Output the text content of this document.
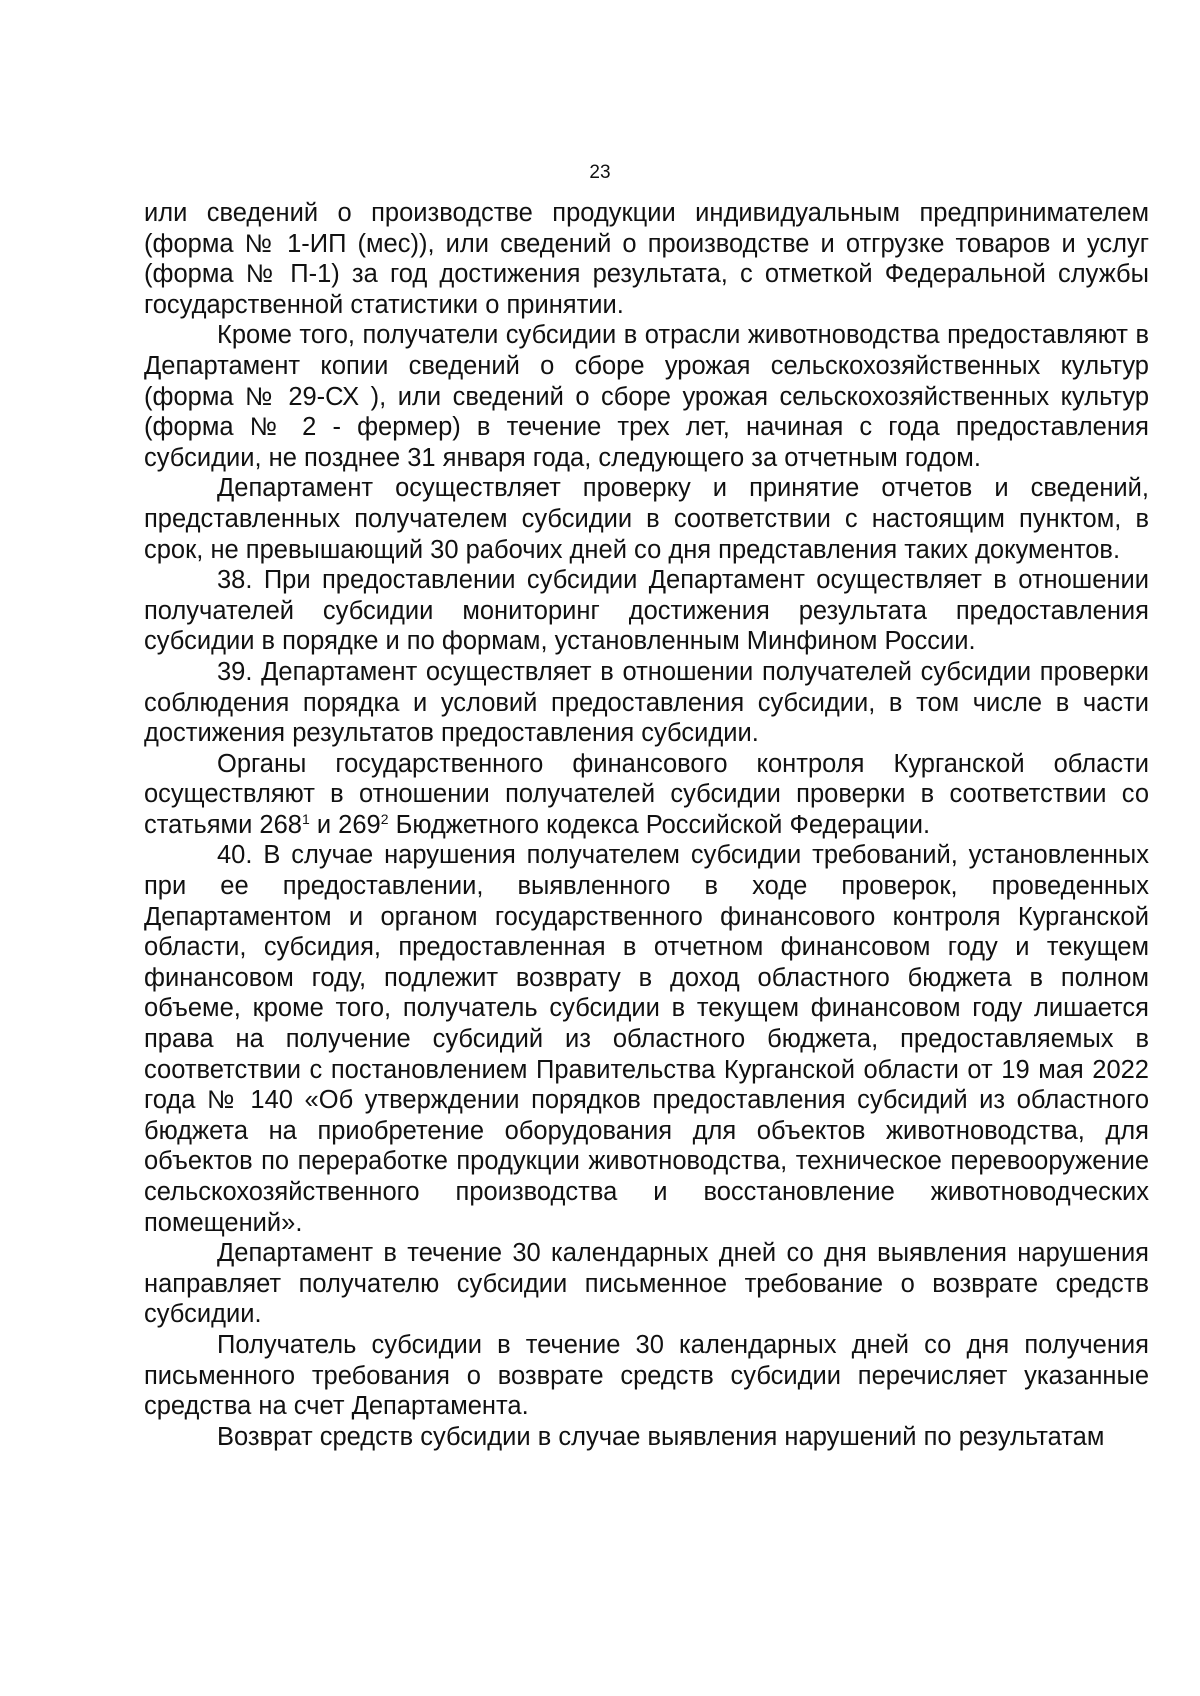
23

или сведений о производстве продукции индивидуальным предпринимателем (форма № 1-ИП (мес)), или сведений о производстве и отгрузке товаров и услуг (форма № П-1) за год достижения результата, с отметкой Федеральной службы государственной статистики о принятии.

Кроме того, получатели субсидии в отрасли животноводства предоставляют в Департамент копии сведений о сборе урожая сельскохозяйственных культур (форма № 29-СХ ), или сведений о сборе урожая сельскохозяйственных культур (форма № 2 - фермер) в течение трех лет, начиная с года предоставления субсидии, не позднее 31 января года, следующего за отчетным годом.

Департамент осуществляет проверку и принятие отчетов и сведений, представленных получателем субсидии в соответствии с настоящим пунктом, в срок, не превышающий 30 рабочих дней со дня представления таких документов.

38. При предоставлении субсидии Департамент осуществляет в отношении получателей субсидии мониторинг достижения результата предоставления субсидии в порядке и по формам, установленным Минфином России.

39. Департамент осуществляет в отношении получателей субсидии проверки соблюдения порядка и условий предоставления субсидии, в том числе в части достижения результатов предоставления субсидии.

Органы государственного финансового контроля Курганской области осуществляют в отношении получателей субсидии проверки в соответствии со статьями $268^1$ и $269^2$ Бюджетного кодекса Российской Федерации.

40. В случае нарушения получателем субсидии требований, установленных при ее предоставлении, выявленного в ходе проверок, проведенных Департаментом и органом государственного финансового контроля Курганской области, субсидия, предоставленная в отчетном финансовом году и текущем финансовом году, подлежит возврату в доход областного бюджета в полном объеме, кроме того, получатель субсидии в текущем финансовом году лишается права на получение субсидий из областного бюджета, предоставляемых в соответствии с постановлением Правительства Курганской области от 19 мая 2022 года № 140 «Об утверждении порядков предоставления субсидий из областного бюджета на приобретение оборудования для объектов животноводства, для объектов по переработке продукции животноводства, техническое перевооружение сельскохозяйственного производства и восстановление животноводческих помещений».

Департамент в течение 30 календарных дней со дня выявления нарушения направляет получателю субсидии письменное требование о возврате средств субсидии.

Получатель субсидии в течение 30 календарных дней со дня получения письменного требования о возврате средств субсидии перечисляет указанные средства на счет Департамента.

Возврат средств субсидии в случае выявления нарушений по результатам
